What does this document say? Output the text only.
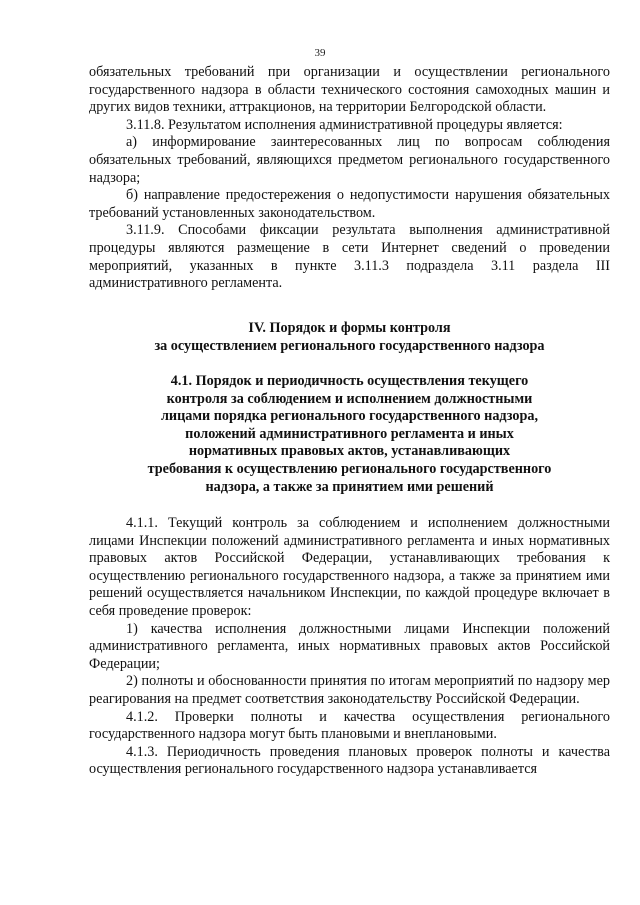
39

обязательных требований при организации и осуществлении регионального государственного надзора в области технического состояния самоходных машин и других видов техники, аттракционов, на территории Белгородской области.

3.11.8. Результатом исполнения административной процедуры является:

а) информирование заинтересованных лиц по вопросам соблюдения обязательных требований, являющихся предметом регионального государственного надзора;

б) направление предостережения о недопустимости нарушения обязательных требований установленных законодательством.

3.11.9. Способами фиксации результата выполнения административной процедуры являются размещение в сети Интернет сведений о проведении мероприятий, указанных в пункте 3.11.3 подраздела 3.11 раздела III административного регламента.

IV. Порядок и формы контроля

за осуществлением регионального государственного надзора

4.1. Порядок и периодичность осуществления текущего

контроля за соблюдением и исполнением должностными

лицами порядка регионального государственного надзора,

положений административного регламента и иных

нормативных правовых актов, устанавливающих

требования к осуществлению регионального государственного

надзора, а также за принятием ими решений

4.1.1. Текущий контроль за соблюдением и исполнением должностными лицами Инспекции положений административного регламента и иных нормативных правовых актов Российской Федерации, устанавливающих требования к осуществлению регионального государственного надзора, а также за принятием ими решений осуществляется начальником Инспекции, по каждой процедуре включает в себя проведение проверок:

1) качества исполнения должностными лицами Инспекции положений административного регламента, иных нормативных правовых актов Российской Федерации;

2) полноты и обоснованности принятия по итогам мероприятий по надзору мер реагирования на предмет соответствия законодательству Российской Федерации.

4.1.2. Проверки полноты и качества осуществления регионального государственного надзора могут быть плановыми и внеплановыми.

4.1.3. Периодичность проведения плановых проверок полноты и качества осуществления регионального государственного надзора устанавливается
